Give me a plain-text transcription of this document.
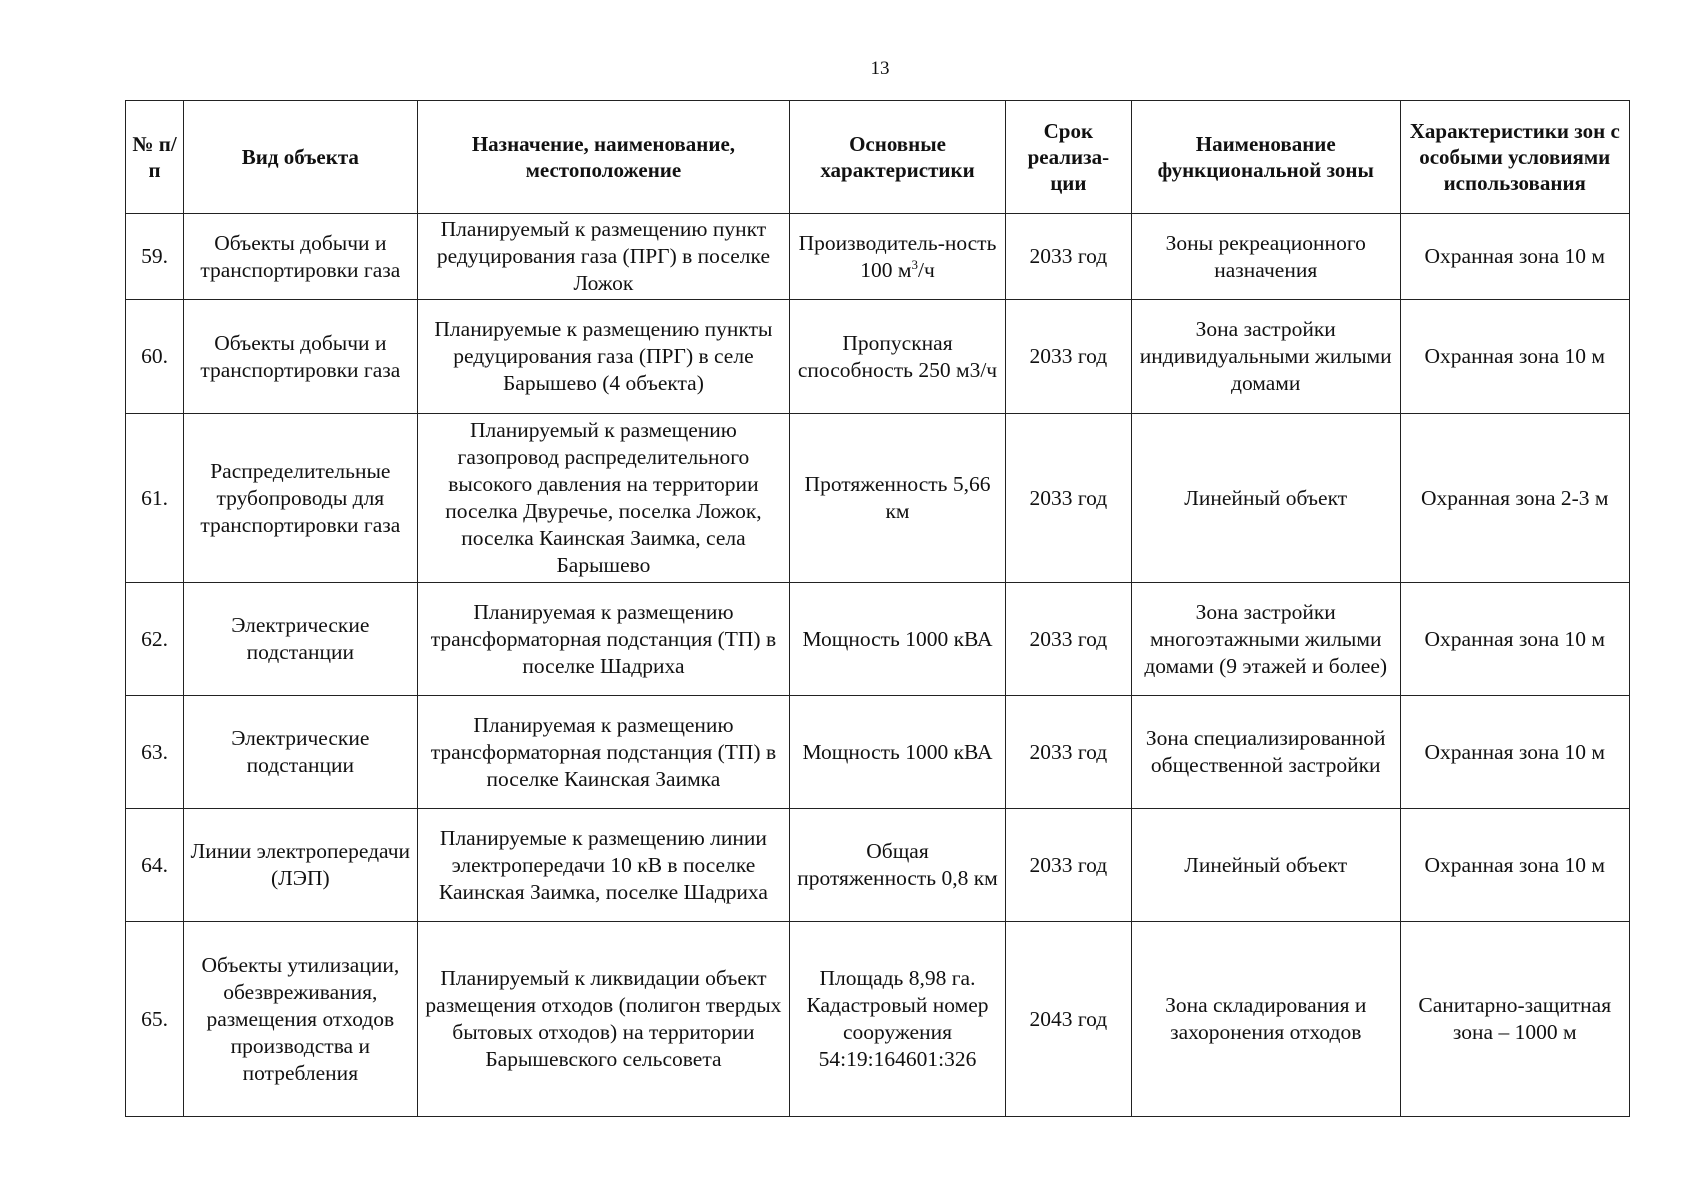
13
№ п/п	Вид объекта	Назначение, наименование, местоположение	Основные характеристики	Срок реализа-ции	Наименование функциональной зоны	Характеристики зон с особыми условиями использования
59.	Объекты добычи и транспортировки газа	Планируемый к размещению пункт редуцирования газа (ПРГ) в поселке Ложок	Производитель-ность 100 $м^3/ч$	2033 год	Зоны рекреационного назначения	Охранная зона 10 м
60.	Объекты добычи и транспортировки газа	Планируемые к размещению пункты редуцирования газа (ПРГ) в селе Барышево (4 объекта)	Пропускная способность 250 м3/ч	2033 год	Зона застройки индивидуальными жилыми домами	Охранная зона 10 м
61.	Распределительные трубопроводы для транспортировки газа	Планируемый к размещению газопровод распределительного высокого давления на территории поселка Двуречье, поселка Ложок, поселка Каинская Заимка, села Барышево	Протяженность 5,66 км	2033 год	Линейный объект	Охранная зона 2-3 м
62.	Электрические подстанции	Планируемая к размещению трансформаторная подстанция (ТП) в поселке Шадриха	Мощность 1000 кВА	2033 год	Зона застройки многоэтажными жилыми домами (9 этажей и более)	Охранная зона 10 м
63.	Электрические подстанции	Планируемая к размещению трансформаторная подстанция (ТП) в поселке Каинская Заимка	Мощность 1000 кВА	2033 год	Зона специализированной общественной застройки	Охранная зона 10 м
64.	Линии электропередачи (ЛЭП)	Планируемые к размещению линии электропередачи 10 кВ в поселке Каинская Заимка, поселке Шадриха	Общая протяженность 0,8 км	2033 год	Линейный объект	Охранная зона 10 м
65.	Объекты утилизации, обезвреживания, размещения отходов производства и потребления	Планируемый к ликвидации объект размещения отходов (полигон твердых бытовых отходов) на территории Барышевского сельсовета	Площадь 8,98 га. Кадастровый номер сооружения 54:19:164601:326	2043 год	Зона складирования и захоронения отходов	Санитарно-защитная зона – 1000 м
